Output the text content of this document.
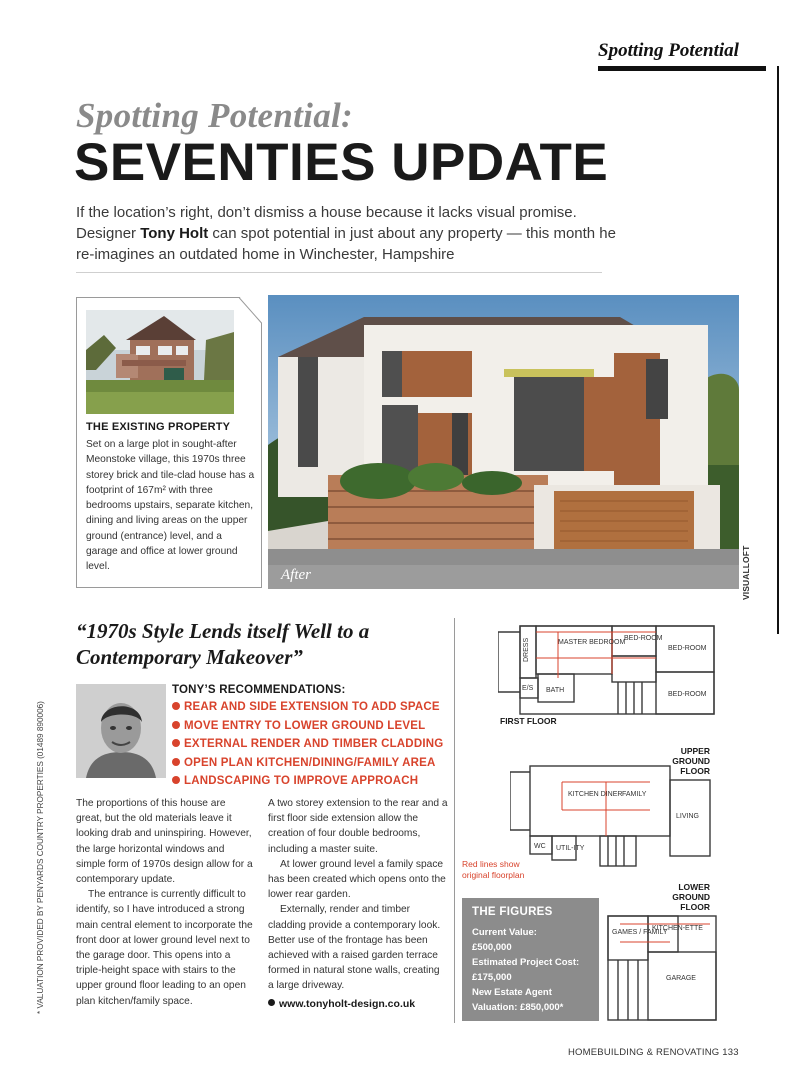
Spotting Potential
Spotting Potential:
SEVENTIES UPDATE
If the location’s right, don’t dismiss a house because it lacks visual promise. Designer Tony Holt can spot potential in just about any property — this month he re-imagines an outdated home in Winchester, Hampshire
THE EXISTING PROPERTY
Set on a large plot in sought-after Meonstoke village, this 1970s three storey brick and tile-clad house has a footprint of 167m² with three bedrooms upstairs, separate kitchen, dining and living areas on the upper ground (entrance) level, and a garage and office at lower ground level.
After	VISUALLOFT
* VALUATION PROVIDED BY PENYARDS COUNTRY PROPERTIES (01489 890006)
“1970s Style Lends itself Well to a Contemporary Makeover”
TONY’S RECOMMENDATIONS:
REAR AND SIDE EXTENSION TO ADD SPACE
MOVE ENTRY TO LOWER GROUND LEVEL
EXTERNAL RENDER AND TIMBER CLADDING
OPEN PLAN KITCHEN/DINING/FAMILY AREA
LANDSCAPING TO IMPROVE APPROACH

The proportions of this house are great, but the old materials leave it looking drab and uninspiring. However, the large horizontal windows and simple form of 1970s design allow for a contemporary update.

The entrance is currently difficult to identify, so I have introduced a strong main central element to incorporate the front door at lower ground level next to the garage door. This opens into a triple-height space with stairs to the upper ground floor leading to an open plan kitchen/family space.

A two storey extension to the rear and a first floor side extension allow the creation of four double bedrooms, including a master suite.

At lower ground level a family space has been created which opens onto the lower rear garden.

Externally, render and timber cladding provide a contemporary look. Better use of the frontage has been achieved with a raised garden terrace formed in natural stone walls, creating a large driveway.

www.tonyholt-design.co.uk
DRESS	MASTER BEDROOM
BED-ROOM
BED-ROOM
BED-ROOM
E/S BATH
FIRST FLOOR
UPPER GROUND FLOOR
KITCHEN DINER FAMILY
LIVING
WC UTIL-ITY
Red lines show original floorplan
LOWER GROUND FLOOR
GAMES / FAMILY
KITCHEN-ETTE
GARAGE
THE FIGURES
Current Value:
£500,000
Estimated Project Cost: £175,000
New Estate Agent Valuation: £850,000*
HOMEBUILDING & RENOVATING 133
